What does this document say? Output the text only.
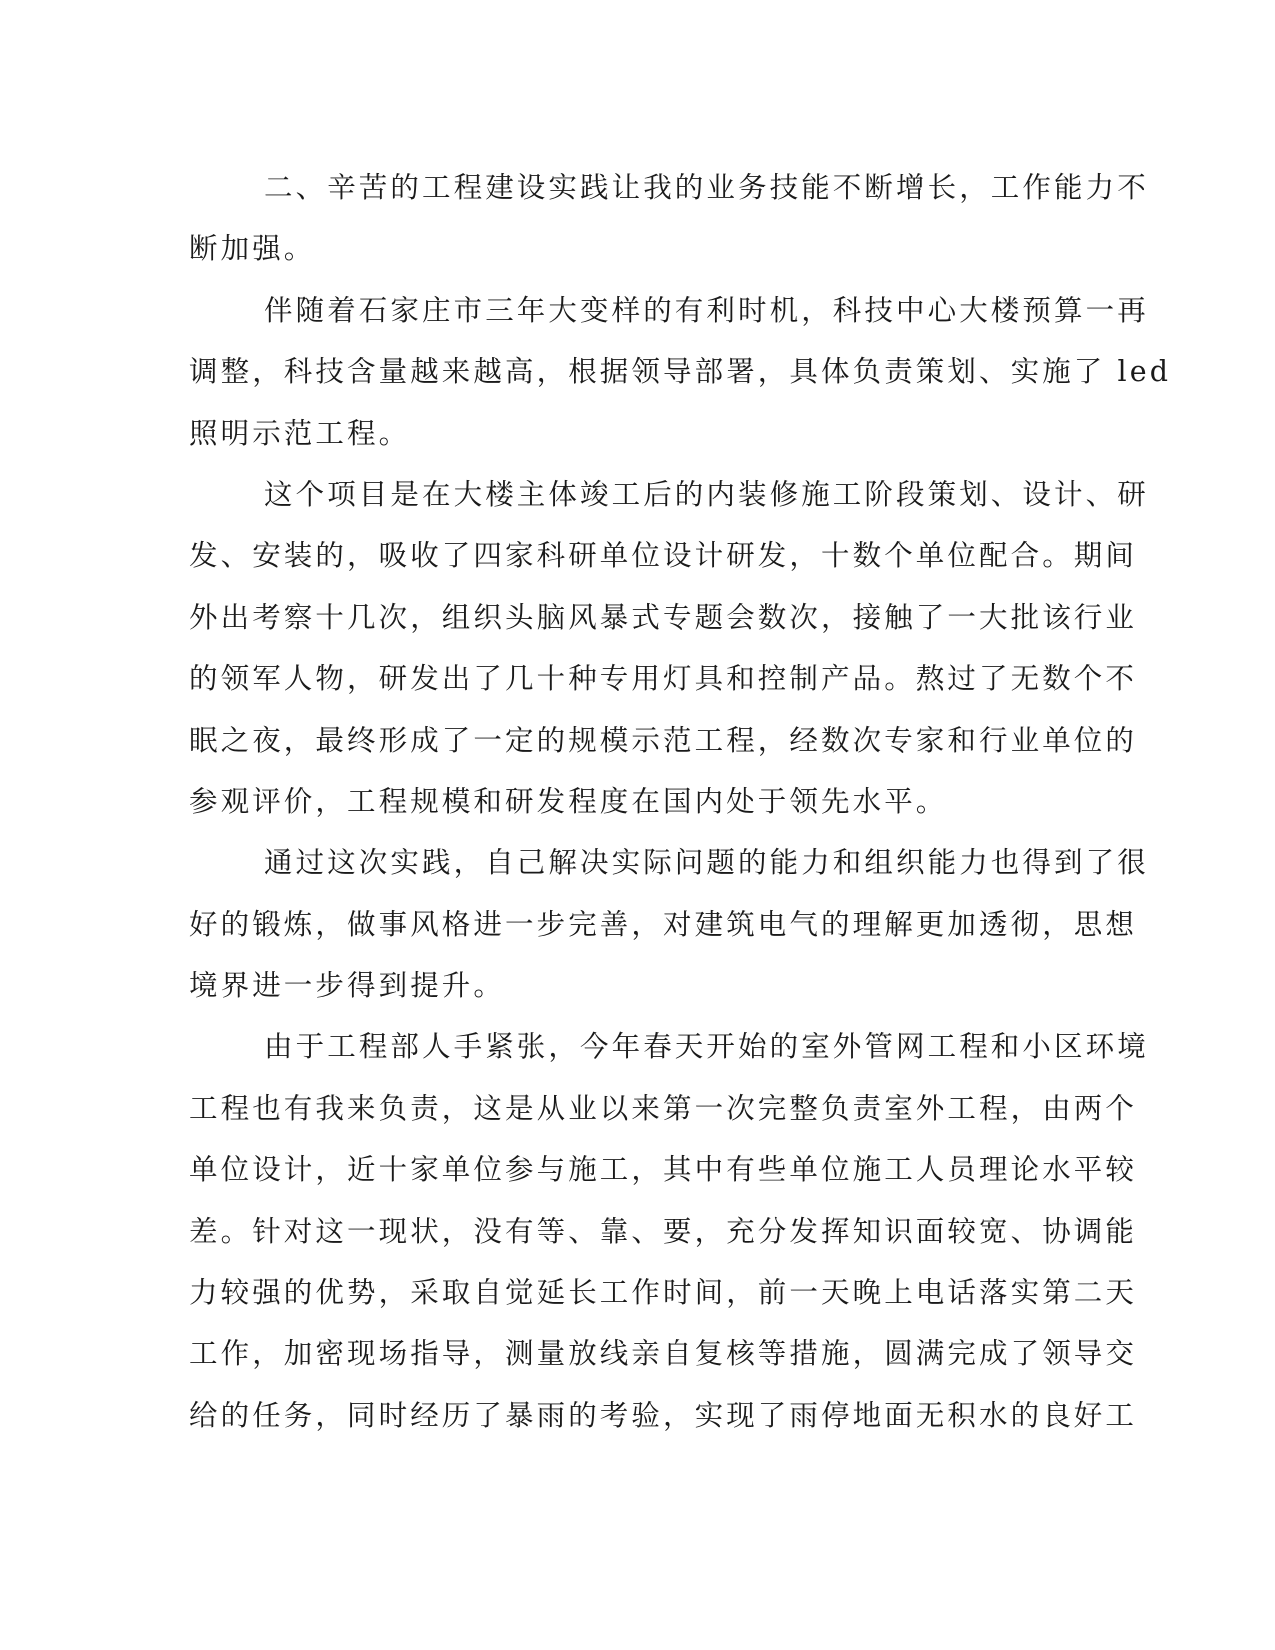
二、辛苦的工程建设实践让我的业务技能不断增长，工作能力不
断加强。
伴随着石家庄市三年大变样的有利时机，科技中心大楼预算一再
调整，科技含量越来越高，根据领导部署，具体负责策划、实施了 led
照明示范工程。
这个项目是在大楼主体竣工后的内装修施工阶段策划、设计、研
发、安装的，吸收了四家科研单位设计研发，十数个单位配合。期间
外出考察十几次，组织头脑风暴式专题会数次，接触了一大批该行业
的领军人物，研发出了几十种专用灯具和控制产品。熬过了无数个不
眠之夜，最终形成了一定的规模示范工程，经数次专家和行业单位的
参观评价，工程规模和研发程度在国内处于领先水平。
通过这次实践，自己解决实际问题的能力和组织能力也得到了很
好的锻炼，做事风格进一步完善，对建筑电气的理解更加透彻，思想
境界进一步得到提升。
由于工程部人手紧张，今年春天开始的室外管网工程和小区环境
工程也有我来负责，这是从业以来第一次完整负责室外工程，由两个
单位设计，近十家单位参与施工，其中有些单位施工人员理论水平较
差。针对这一现状，没有等、靠、要，充分发挥知识面较宽、协调能
力较强的优势，采取自觉延长工作时间，前一天晚上电话落实第二天
工作，加密现场指导，测量放线亲自复核等措施，圆满完成了领导交
给的任务，同时经历了暴雨的考验，实现了雨停地面无积水的良好工
